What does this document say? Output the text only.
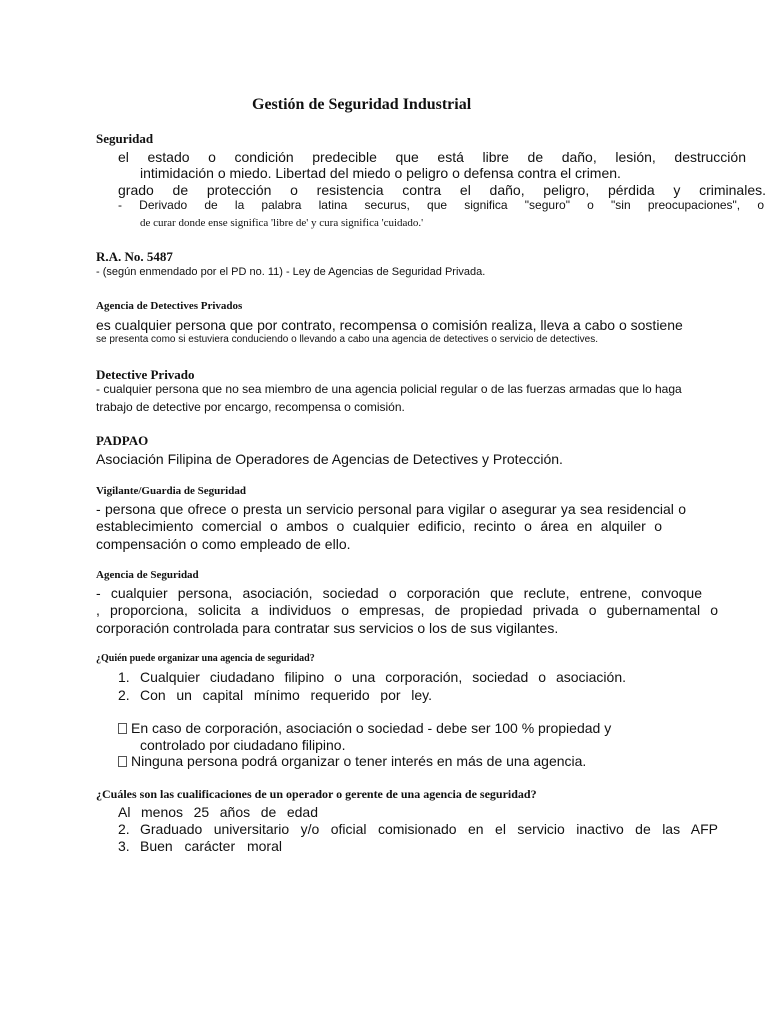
Gestión de Seguridad Industrial
Seguridad
el estado o condición predecible que está libre de daño, lesión, destrucción
intimidación o miedo. Libertad del miedo o peligro o defensa contra el crimen.
grado de protección o resistencia contra el daño, peligro, pérdida y criminales.
- Derivado de la palabra latina securus, que significa "seguro" o "sin preocupaciones", o
de curar donde ense significa 'libre de' y cura significa 'cuidado.'
R.A. No. 5487
- (según enmendado por el PD no. 11) - Ley de Agencias de Seguridad Privada.
Agencia de Detectives Privados
es cualquier persona que por contrato, recompensa o comisión realiza, lleva a cabo o sostiene
se presenta como si estuviera conduciendo o llevando a cabo una agencia de detectives o servicio de detectives.
Detective Privado
- cualquier persona que no sea miembro de una agencia policial regular o de las fuerzas armadas que lo haga
trabajo de detective por encargo, recompensa o comisión.
PADPAO
Asociación Filipina de Operadores de Agencias de Detectives y Protección.
Vigilante/Guardia de Seguridad
- persona que ofrece o presta un servicio personal para vigilar o asegurar ya sea residencial o
establecimiento comercial o ambos o cualquier edificio, recinto o área en alquiler o
compensación o como empleado de ello.
Agencia de Seguridad
- cualquier persona, asociación, sociedad o corporación que reclute, entrene, convoque
, proporciona, solicita a individuos o empresas, de propiedad privada o gubernamental o
corporación controlada para contratar sus servicios o los de sus vigilantes.
¿Quién puede organizar una agencia de seguridad?
1. Cualquier ciudadano filipino o una corporación, sociedad o asociación.
2. Con un capital mínimo requerido por ley.
En caso de corporación, asociación o sociedad - debe ser 100 % propiedad y
controlado por ciudadano filipino.
Ninguna persona podrá organizar o tener interés en más de una agencia.
¿Cuáles son las cualificaciones de un operador o gerente de una agencia de seguridad?
Al menos 25 años de edad
2. Graduado universitario y/o oficial comisionado en el servicio inactivo de las AFP
3. Buen carácter moral
